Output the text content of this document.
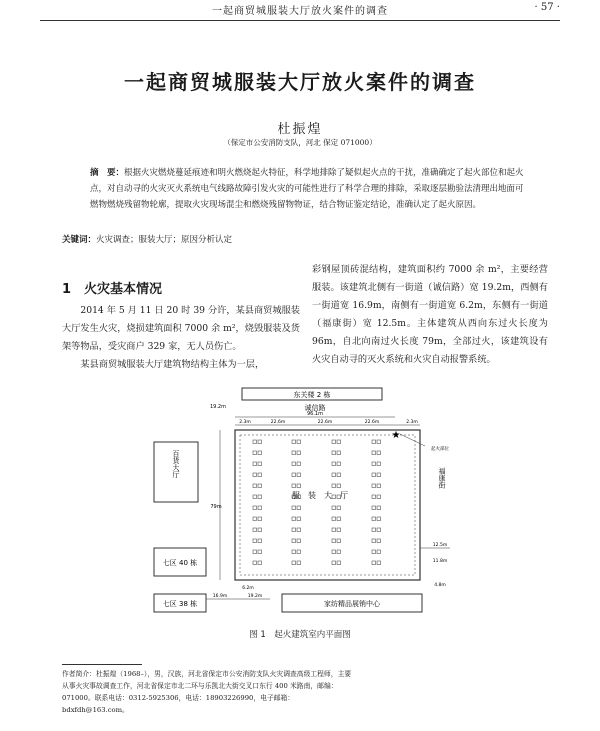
一起商贸城服装大厅放火案件的调查	· 57 ·
一起商贸城服装大厅放火案件的调查
杜振煌
（保定市公安消防支队，河北 保定 071000）
摘　要：根据火灾燃烧蔓延痕迹和明火燃烧起火特征，科学地排除了疑似起火点的干扰，准确确定了起火部位和起火点，对自动寻的火灾灭火系统电气线路故障引发火灾的可能性进行了科学合理的排除，采取逐层勘验法清理出地面可燃物燃烧残留物轮廓，提取火灾现场混尘和燃烧残留物物证，结合物证鉴定结论，准确认定了起火原因。
关键词：火灾调查；服装大厅；原因分析认定
1　火灾基本情况

2014 年 5 月 11 日 20 时 39 分许，某县商贸城服装大厅发生火灾，烧损建筑面积 7000 余 m²，烧毁服装及货架等物品，受灾商户 329 家，无人员伤亡。

某县商贸城服装大厅建筑物结构主体为一层，

彩钢屋顶砖混结构，建筑面积约 7000 余 m²，主要经营服装。该建筑北侧有一街道（诚信路）宽 19.2m，西侧有一街道宽 16.9m，南侧有一街道宽 6.2m，东侧有一街道（福康街）宽 12.5m。主体建筑从西向东过火长度为 96m，自北向南过火长度 79m，全部过火，该建筑设有火灾自动寻的灭火系统和火灾自动报警系统。

东关楼 2 栋
诚信路
96.1m
2.3m	22.6m	22.6m	22.6m	2.3m
19.2m
服　装　大　厅
79m
百货大厅
七区 40 栋
七区 38 栋
16.9m	19.2m
6.2m
家纺精品展销中心
福康街
12.5m
11.8m
4.8m
★
起火部位
图 1　起火建筑室内平面图
作者简介：杜振煌（1968–），男，汉族，河北省保定市公安消防支队火灾调查高级工程师，主要从事火灾事故调查工作，河北省保定市北二环与乐凯北大街交叉口东行 400 米路南，邮编：071000。联系电话：0312-5925306，电话：18903226990，电子邮箱：bdxfdh@163.com。
